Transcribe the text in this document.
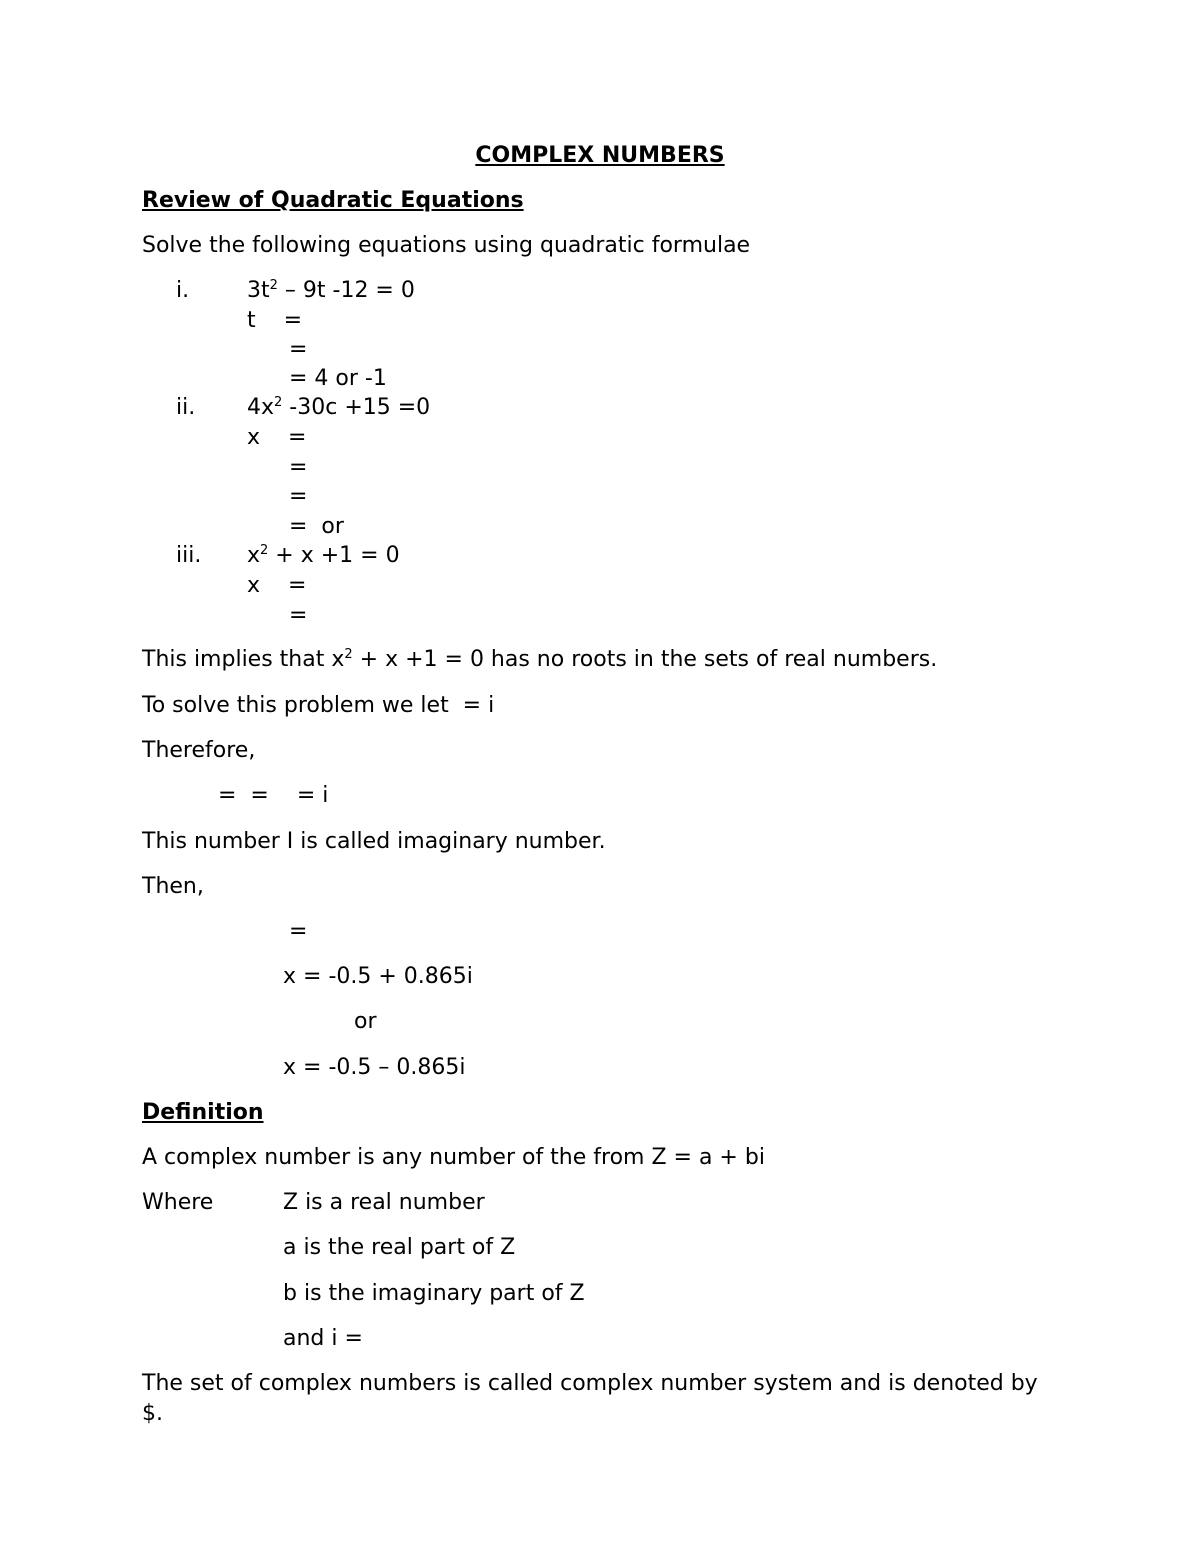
COMPLEX NUMBERS
Review of Quadratic Equations
Solve the following equations using quadratic formulae
i.	$3t^2 - 9t$ -12 = 0
t    =
=
= 4 or -1
ii. $4x^2$ -30c +15 =0
x    =
=
=
=  or
iii. $x^2 + x +1 = 0$
x    =
=
This implies that $x^2 + x +1 = 0$ has no roots in the sets of real numbers.
To solve this problem we let  = i
Therefore,
=  =    = i
This number I is called imaginary number.
Then,
=
x = -0.5 + 0.865i
or
x = -0.5 – 0.865i
Definition
A complex number is any number of the from Z = a + bi
Where	Z is a real number
a is the real part of Z
b is the imaginary part of Z
and i =
The set of complex numbers is called complex number system and is denoted by $.
